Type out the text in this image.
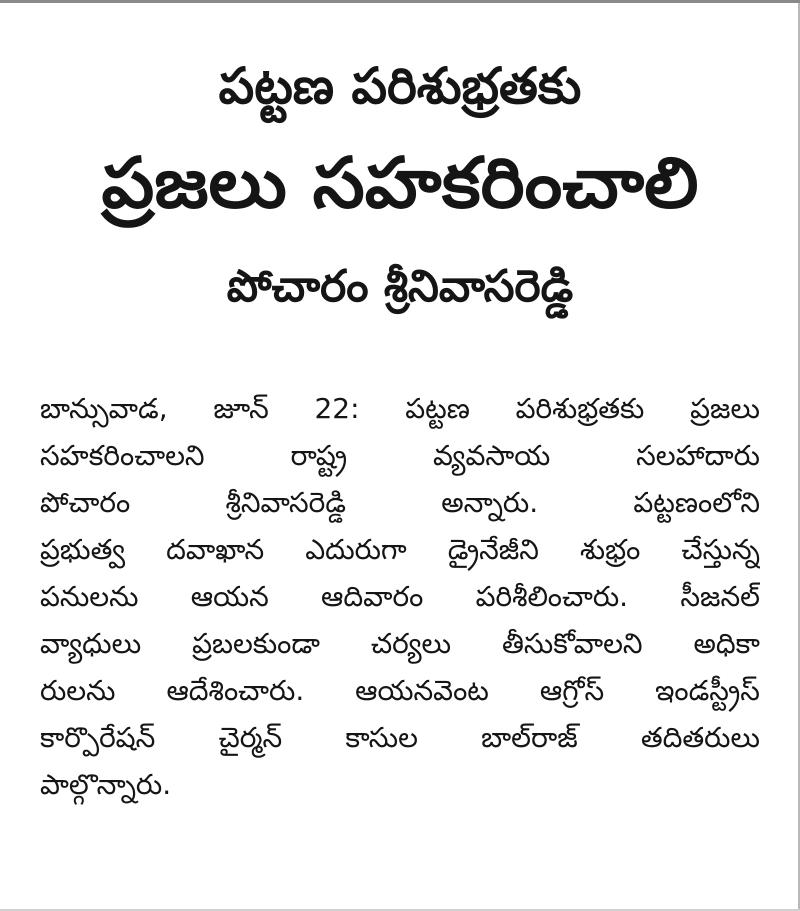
పట్టణ పరిశుభ్రతకు
ప్రజలు సహకరించాలి
పోచారం శ్రీనివాసరెడ్డి
బాన్సువాడ, జూన్ 22: పట్టణ పరిశుభ్రతకు ప్రజలు
సహకరించాలని	రాష్ట్ర	వ్యవసాయ	సలహాదారు
పోచారం	శ్రీనివాసరెడ్డి	అన్నారు.	పట్టణంలోని
ప్రభుత్వ దవాఖాన ఎదురుగా డ్రైనేజీని శుభ్రం చేస్తున్న
పనులను ఆయన ఆదివారం పరిశీలించారు. సీజనల్
వ్యాధులు ప్రబలకుండా చర్యలు తీసుకోవాలని అధికా
రులను ఆదేశించారు. ఆయనవెంట ఆగ్రోస్ ఇండస్ట్రీస్
కార్పొరేషన్ చైర్మన్ కాసుల బాల్‌రాజ్ తదితరులు
పాల్గొన్నారు.
